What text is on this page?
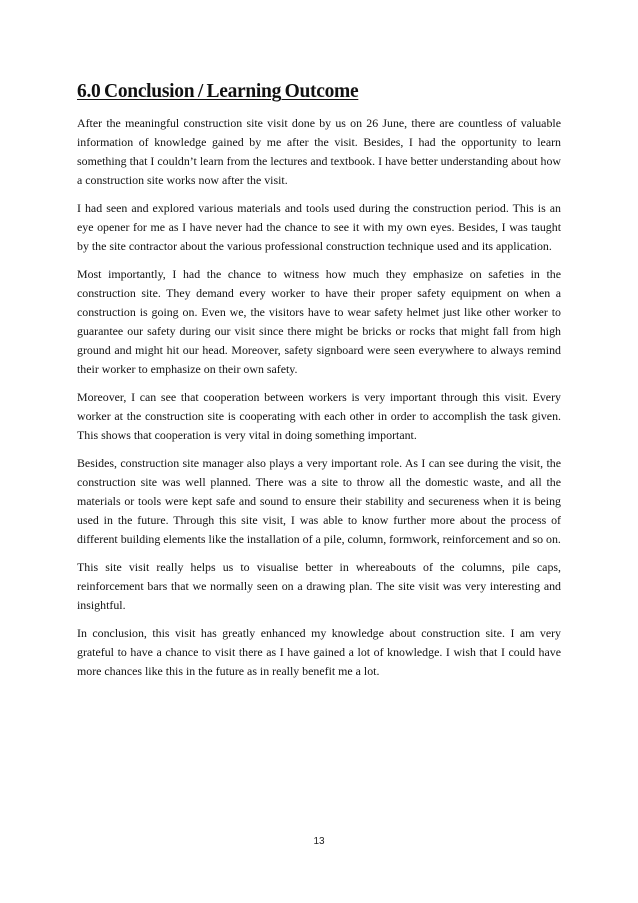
6.0 Conclusion / Learning Outcome

After the meaningful construction site visit done by us on 26 June, there are countless of valuable information of knowledge gained by me after the visit. Besides, I had the opportunity to learn something that I couldn’t learn from the lectures and textbook. I have better understanding about how a construction site works now after the visit.

I had seen and explored various materials and tools used during the construction period. This is an eye opener for me as I have never had the chance to see it with my own eyes. Besides, I was taught by the site contractor about the various professional construction technique used and its application.

Most importantly, I had the chance to witness how much they emphasize on safeties in the construction site. They demand every worker to have their proper safety equipment on when a construction is going on. Even we, the visitors have to wear safety helmet just like other worker to guarantee our safety during our visit since there might be bricks or rocks that might fall from high ground and might hit our head. Moreover, safety signboard were seen everywhere to always remind their worker to emphasize on their own safety.

Moreover, I can see that cooperation between workers is very important through this visit. Every worker at the construction site is cooperating with each other in order to accomplish the task given. This shows that cooperation is very vital in doing something important.

Besides, construction site manager also plays a very important role. As I can see during the visit, the construction site was well planned. There was a site to throw all the domestic waste, and all the materials or tools were kept safe and sound to ensure their stability and secureness when it is being used in the future. Through this site visit, I was able to know further more about the process of different building elements like the installation of a pile, column, formwork, reinforcement and so on.

This site visit really helps us to visualise better in whereabouts of the columns, pile caps, reinforcement bars that we normally seen on a drawing plan. The site visit was very interesting and insightful.

In conclusion, this visit has greatly enhanced my knowledge about construction site. I am very grateful to have a chance to visit there as I have gained a lot of knowledge. I wish that I could have more chances like this in the future as in really benefit me a lot.

13
